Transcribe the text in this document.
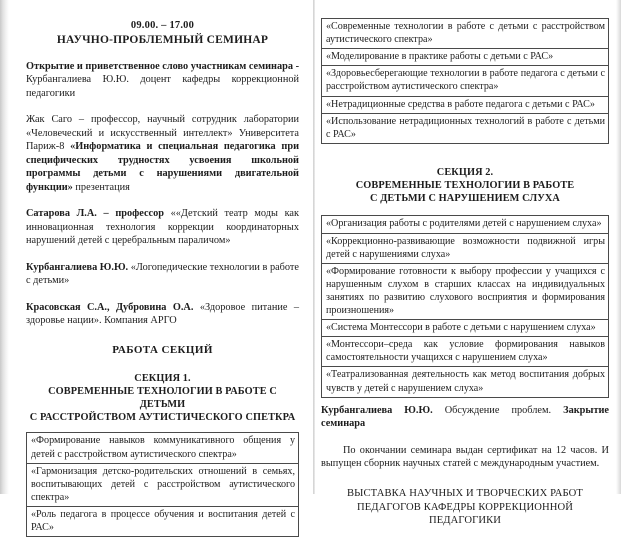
09.00. – 17.00
НАУЧНО-ПРОБЛЕМНЫЙ СЕМИНАР

Открытие и приветственное слово участникам семинара - Курбангалиева Ю.Ю. доцент кафедры коррекционной педагогики

Жак Саго – профессор, научный сотрудник лаборатории «Человеческий и искусственный интеллект» Университета Париж-8 «Информатика и специальная педагогика при специфических трудностях усвоения школьной программы детьми с нарушениями двигательной функции» презентация

Сатарова Л.А. – профессор ««Детский театр моды как инновационная технология коррекции координаторных нарушений детей с церебральным параличом»

Курбангалиева Ю.Ю. «Логопедические технологии в работе с детьми»

Красовская С.А., Дубровина О.А. «Здоровое питание – здоровье нации». Компания АРГО

РАБОТА СЕКЦИЙ
СЕКЦИЯ 1.
СОВРЕМЕННЫЕ ТЕХНОЛОГИИ В РАБОТЕ С ДЕТЬМИ
С РАССТРОЙСТВОМ АУТИСТИЧЕСКОГО СПЕТКРА
«Формирование навыков коммуникативного общения у детей с расстройством аутистического спектра»
«Гармонизация детско-родительских отношений в семьях, воспитывающих детей с расстройством аутистического спектра»
«Роль педагога в процессе обучения и воспитания детей с РАС»
«Современные технологии в работе с детьми с расстройством аутистического спектра»
«Моделирование в практике работы с детьми с РАС»
«Здоровьесберегающие технологии в работе педагога с детьми с расстройством аутистического спектра»
«Нетрадиционные средства в работе педагога с детьми с РАС»
«Использование нетрадиционных технологий в работе с детьми с РАС»
СЕКЦИЯ 2.
СОВРЕМЕННЫЕ ТЕХНОЛОГИИ В РАБОТЕ
С ДЕТЬМИ С НАРУШЕНИЕМ СЛУХА
«Организация работы с родителями детей с нарушением слуха»
«Коррекционно-развивающие возможности подвижной игры детей с нарушениями слуха»
«Формирование готовности к выбору профессии у учащихся с нарушенным слухом в старших классах на индивидуальных занятиях по развитию слухового восприятия и формирования произношения»
«Система Монтессори в работе с детьми с нарушением слуха»
«Монтессори–среда как условие формирования навыков самостоятельности учащихся с нарушением слуха»
«Театрализованная деятельность как метод воспитания добрых чувств у детей с нарушением слуха»

Курбангалиева Ю.Ю. Обсуждение проблем. Закрытие семинара

По окончании семинара выдан сертификат на 12 часов. И выпущен сборник научных статей с международным участием.

ВЫСТАВКА НАУЧНЫХ И ТВОРЧЕСКИХ РАБОТ
ПЕДАГОГОВ КАФЕДРЫ КОРРЕКЦИОННОЙ ПЕДАГОГИКИ
